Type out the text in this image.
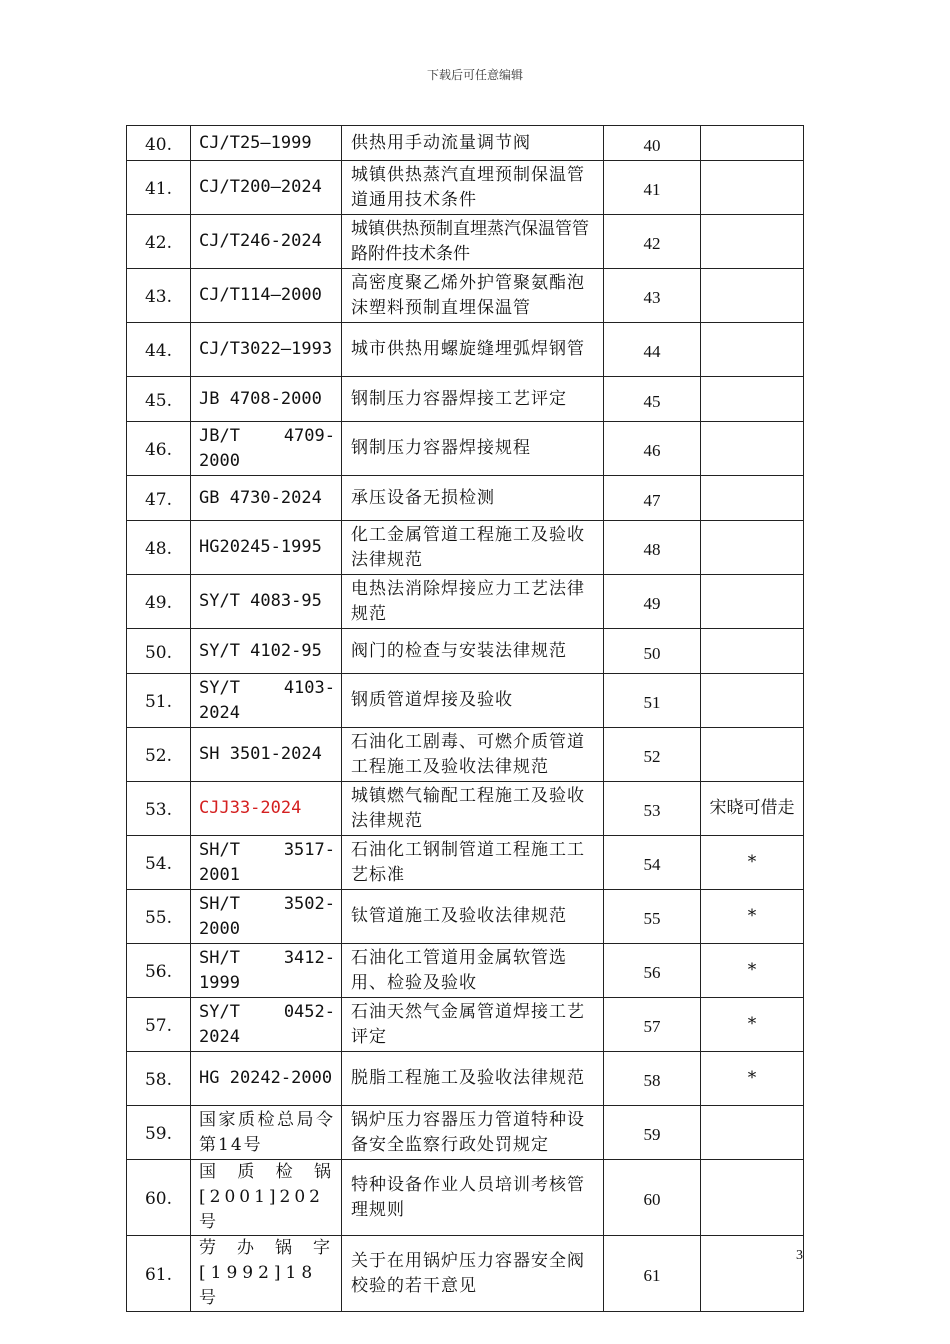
下载后可任意编辑
40.	CJ/T25—1999	供热用手动流量调节阀	40	
41.	CJ/T200—2024	城镇供热蒸汽直埋预制保温管道通用技术条件	41	
42.	CJ/T246-2024	城镇供热预制直埋蒸汽保温管管路附件技术条件	42	
43.	CJ/T114—2000	高密度聚乙烯外护管聚氨酯泡沫塑料预制直埋保温管	43	
44.	CJ/T3022—1993	城市供热用螺旋缝埋弧焊钢管	44	
45.	JB 4708-2000	钢制压力容器焊接工艺评定	45	
46.	JB/T 4709-2000	钢制压力容器焊接规程	46	
47.	GB 4730-2024	承压设备无损检测	47	
48.	HG20245-1995	化工金属管道工程施工及验收法律规范	48	
49.	SY/T 4083-95	电热法消除焊接应力工艺法律规范	49	
50.	SY/T 4102-95	阀门的检查与安装法律规范	50	
51.	SY/T 4103-2024	钢质管道焊接及验收	51	
52.	SH 3501-2024	石油化工剧毒、可燃介质管道工程施工及验收法律规范	52	
53.	CJJ33-2024	城镇燃气输配工程施工及验收法律规范	53	宋晓可借走
54.	SH/T 3517-2001	石油化工钢制管道工程施工工艺标准	54	*
55.	SH/T 3502-2000	钛管道施工及验收法律规范	55	*
56.	SH/T 3412-1999	石油化工管道用金属软管选用、检验及验收	56	*
57.	SY/T 0452-2024	石油天然气金属管道焊接工艺评定	57	*
58.	HG 20242-2000	脱脂工程施工及验收法律规范	58	*
59.	国家质检总局令第14号	锅炉压力容器压力管道特种设备安全监察行政处罚规定	59	
60.	国质检锅[2001]202号	特种设备作业人员培训考核管理规则	60	
61.	劳办锅字[1992]18号	关于在用锅炉压力容器安全阀校验的若干意见	61	
3
